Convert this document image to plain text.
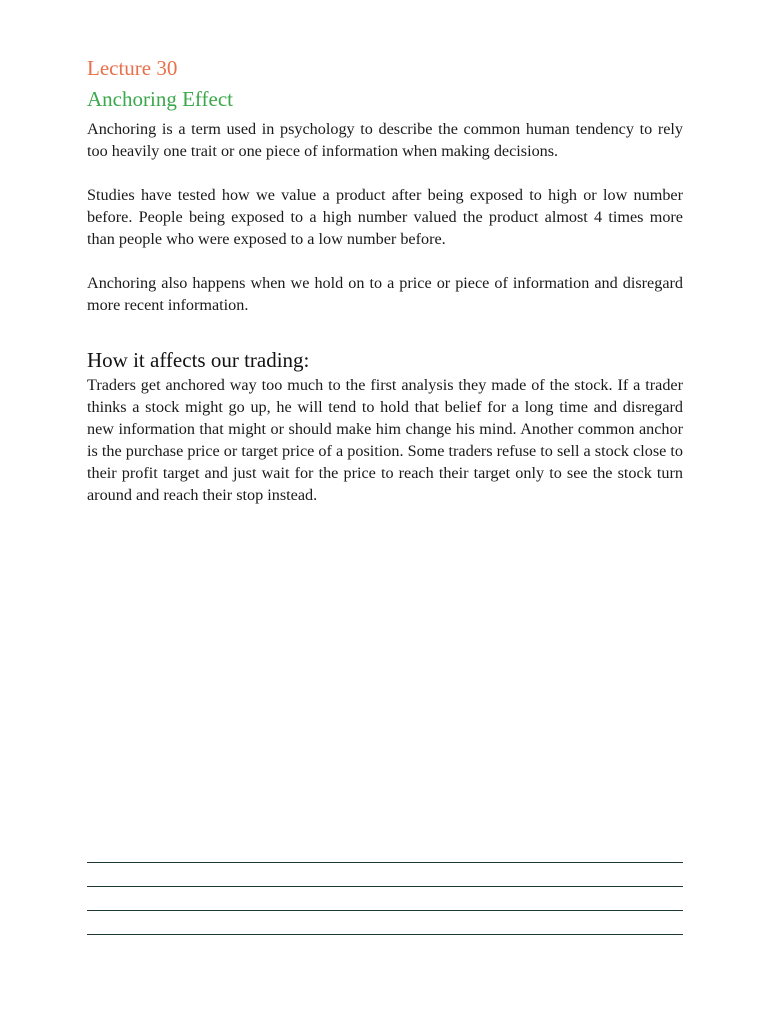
Lecture 30
Anchoring Effect

Anchoring is a term used in psychology to describe the common human tendency to rely too heavily one trait or one piece of information when making decisions.

Studies have tested how we value a product after being exposed to high or low number before. People being exposed to a high number valued the product almost 4 times more than people who were exposed to a low number before.

Anchoring also happens when we hold on to a price or piece of information and disregard more recent information.

How it affects our trading:

Traders get anchored way too much to the first analysis they made of the stock. If a trader thinks a stock might go up, he will tend to hold that belief for a long time and disregard new information that might or should make him change his mind. Another common anchor is the purchase price or target price of a position. Some traders refuse to sell a stock close to their profit target and just wait for the price to reach their target only to see the stock turn around and reach their stop instead.
